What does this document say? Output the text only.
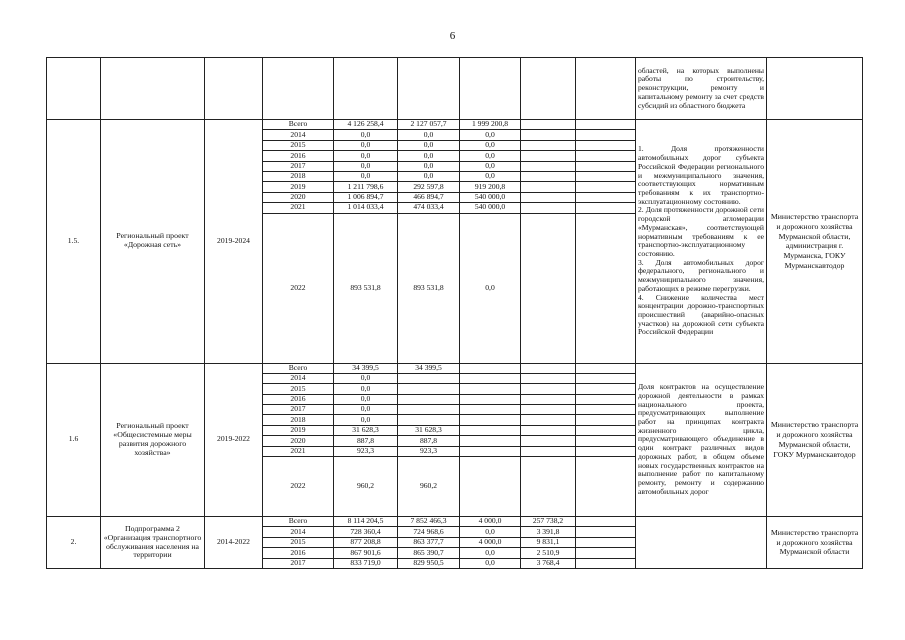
6
									областей, на которых выполнены работы по строительству, реконструкции, ремонту и капитальному ремонту за счет средств субсидий из областного бюджета	
1.5.	Региональный проект «Дорожная сеть»	2019-2024	Всего	4 126 258,4	2 127 057,7	1 999 200,8			1. Доля протяженности автомобильных дорог субъекта Российской Федерации регионального и межмуниципального значения, соответствующих нормативным требованиям к их транспортно-эксплуатационному состоянию.
2. Доля протяженности дорожной сети городской агломерации «Мурманская», соответствующей нормативным требованиям к ее транспортно-эксплуатационному состоянию.
3. Доля автомобильных дорог федерального, регионального и межмуниципального значения, работающих в режиме перегрузки.
4. Снижение количества мест концентрации дорожно-транспортных происшествий (аварийно-опасных участков) на дорожной сети субъекта Российской Федерации	Министерство транспорта и дорожного хозяйства Мурманской области, администрация г. Мурманска, ГОКУ Мурманскавтодор
			2014	0,0	0,0	0,0				
			2015	0,0	0,0	0,0				
			2016	0,0	0,0	0,0				
			2017	0,0	0,0	0,0				
			2018	0,0	0,0	0,0				
			2019	1 211 798,6	292 597,8	919 200,8				
			2020	1 006 894,7	466 894,7	540 000,0				
			2021	1 014 033,4	474 033,4	540 000,0				
			2022	893 531,8	893 531,8	0,0				
1.6	Региональный проект «Общесистемные меры развития дорожного хозяйства»	2019-2022	Всего	34 399,5	34 399,5				Доля контрактов на осуществление дорожной деятельности в рамках национального проекта, предусматривающих выполнение работ на принципах контракта жизненного цикла, предусматривающего объединение в один контракт различных видов дорожных работ, в общем объеме новых государственных контрактов на выполнение работ по капитальному ремонту, ремонту и содержанию автомобильных дорог	Министерство транспорта и дорожного хозяйства Мурманской области, ГОКУ Мурманскавтодор
			2014	0,0						
			2015	0,0						
			2016	0,0						
			2017	0,0						
			2018	0,0						
			2019	31 628,3	31 628,3					
			2020	887,8	887,8					
			2021	923,3	923,3					
			2022	960,2	960,2					
2.	Подпрограмма 2 «Организация транспортного обслуживания населения на территории	2014-2022	Всего	8 114 204,5	7 852 466,3	4 000,0	257 738,2			Министерство транспорта и дорожного хозяйства Мурманской области
			2014	728 360,4	724 968,6	0,0	3 391,8			
			2015	877 208,8	863 377,7	4 000,0	9 831,1			
			2016	867 901,6	865 390,7	0,0	2 510,9			
			2017	833 719,0	829 950,5	0,0	3 768,4			
